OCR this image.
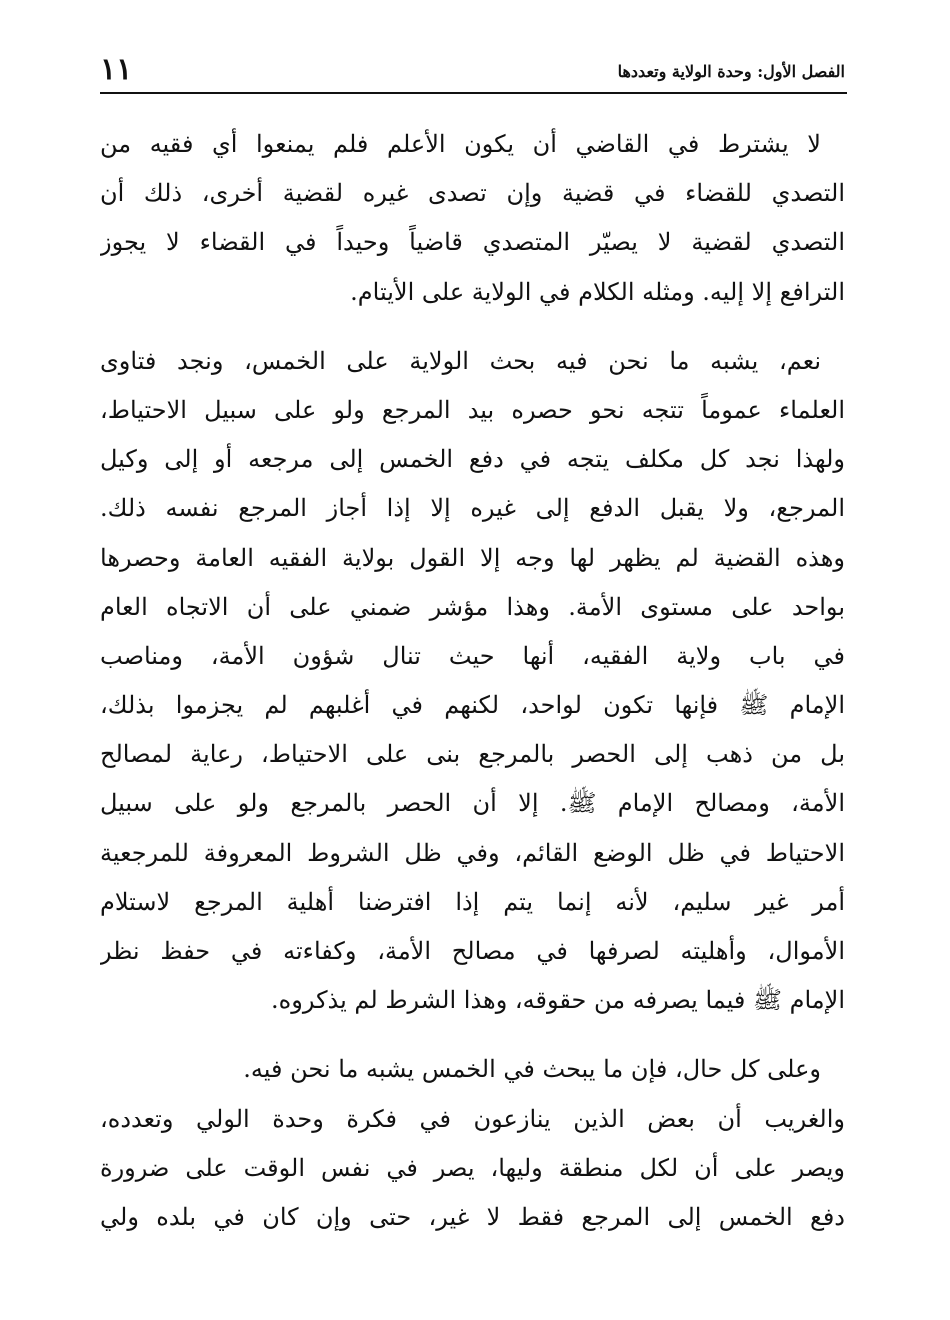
١١	الفصل الأول: وحدة الولاية وتعددها
لا يشترط في القاضي أن يكون الأعلم فلم يمنعوا أي فقيه من
التصدي للقضاء في قضية وإن تصدى غيره لقضية أخرى، ذلك أن
التصدي لقضية لا يصيّر المتصدي قاضياً وحيداً في القضاء لا يجوز
الترافع إلا إليه. ومثله الكلام في الولاية على الأيتام.
نعم، يشبه ما نحن فيه بحث الولاية على الخمس، ونجد فتاوى
العلماء عموماً تتجه نحو حصره بيد المرجع ولو على سبيل الاحتياط،
ولهذا نجد كل مكلف يتجه في دفع الخمس إلى مرجعه أو إلى وكيل
المرجع، ولا يقبل الدفع إلى غيره إلا إذا أجاز المرجع نفسه ذلك.
وهذه القضية لم يظهر لها وجه إلا القول بولاية الفقيه العامة وحصرها
بواحد على مستوى الأمة. وهذا مؤشر ضمني على أن الاتجاه العام
في باب ولاية الفقيه، أنها حيث تنال شؤون الأمة، ومناصب
الإمام ﷺ فإنها تكون لواحد، لكنهم في أغلبهم لم يجزموا بذلك،
بل من ذهب إلى الحصر بالمرجع بنى على الاحتياط، رعاية لمصالح
الأمة، ومصالح الإمام ﷺ. إلا أن الحصر بالمرجع ولو على سبيل
الاحتياط في ظل الوضع القائم، وفي ظل الشروط المعروفة للمرجعية
أمر غير سليم، لأنه إنما يتم إذا افترضنا أهلية المرجع لاستلام
الأموال، وأهليته لصرفها في مصالح الأمة، وكفاءته في حفظ نظر
الإمام ﷺ فيما يصرفه من حقوقه، وهذا الشرط لم يذكروه.
وعلى كل حال، فإن ما يبحث في الخمس يشبه ما نحن فيه.
والغريب أن بعض الذين ينازعون في فكرة وحدة الولي وتعدده،
ويصر على أن لكل منطقة وليها، يصر في نفس الوقت على ضرورة
دفع الخمس إلى المرجع فقط لا غير، حتى وإن كان في بلده ولي
